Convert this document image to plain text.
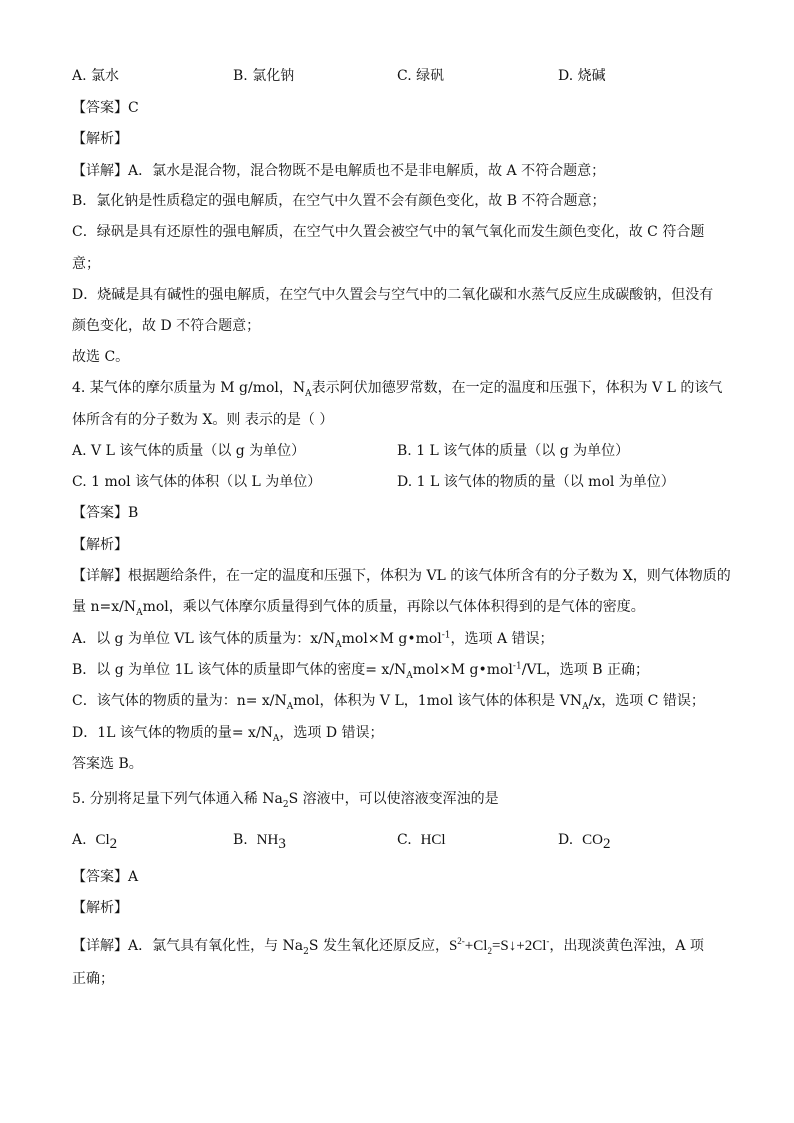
A. 氯水	B. 氯化钠	C. 绿矾	D. 烧碱
【答案】C
【解析】
【详解】A．氯水是混合物，混合物既不是电解质也不是非电解质，故 A 不符合题意；
B．氯化钠是性质稳定的强电解质，在空气中久置不会有颜色变化，故 B 不符合题意；
C．绿矾是具有还原性的强电解质，在空气中久置会被空气中的氧气氧化而发生颜色变化，故 C 符合题
意；
D．烧碱是具有碱性的强电解质，在空气中久置会与空气中的二氧化碳和水蒸气反应生成碳酸钠，但没有
颜色变化，故 D 不符合题意；
故选 C。
4. 某气体的摩尔质量为 M g/mol，$N_A$表示阿伏加德罗常数，在一定的温度和压强下，体积为 V L 的该气
体所含有的分子数为 X。则 表示的是（ ）
A. V L 该气体的质量（以 g 为单位）	B. 1 L 该气体的质量（以 g 为单位）
C. 1 mol 该气体的体积（以 L 为单位）	D. 1 L 该气体的物质的量（以 mol 为单位）
【答案】B
【解析】
【详解】根据题给条件，在一定的温度和压强下，体积为 VL 的该气体所含有的分子数为 X，则气体物质的
量 $n=x/N_Amol$，乘以气体摩尔质量得到气体的质量，再除以气体体积得到的是气体的密度。
A．以 g 为单位 VL 该气体的质量为：$x/N_Amol\times M$ g•mol$^{-1}$，选项 A 错误；
B．以 g 为单位 1L 该气体的质量即气体的密度= $x/N_Amol\times M$ g•mol$^{-1}$/VL，选项 B 正确；
C．该气体的物质的量为：$n= x/N_Amol$，体积为 V L，1mol 该气体的体积是 $VN_A/x$，选项 C 错误；
D．1L 该气体的物质的量= $x/N_A$，选项 D 错误；
答案选 B。
5. 分别将足量下列气体通入稀 $Na_2S$ 溶液中，可以使溶液变浑浊的是
A. $Cl_2$	B. $NH_3$	C. HCl	D. $CO_2$
【答案】A
【解析】
【详解】A．氯气具有氧化性，与 $Na_2S$ 发生氧化还原反应，$S^{2-}+Cl_2=S↓+2Cl^-$，出现淡黄色浑浊，A 项
正确；
